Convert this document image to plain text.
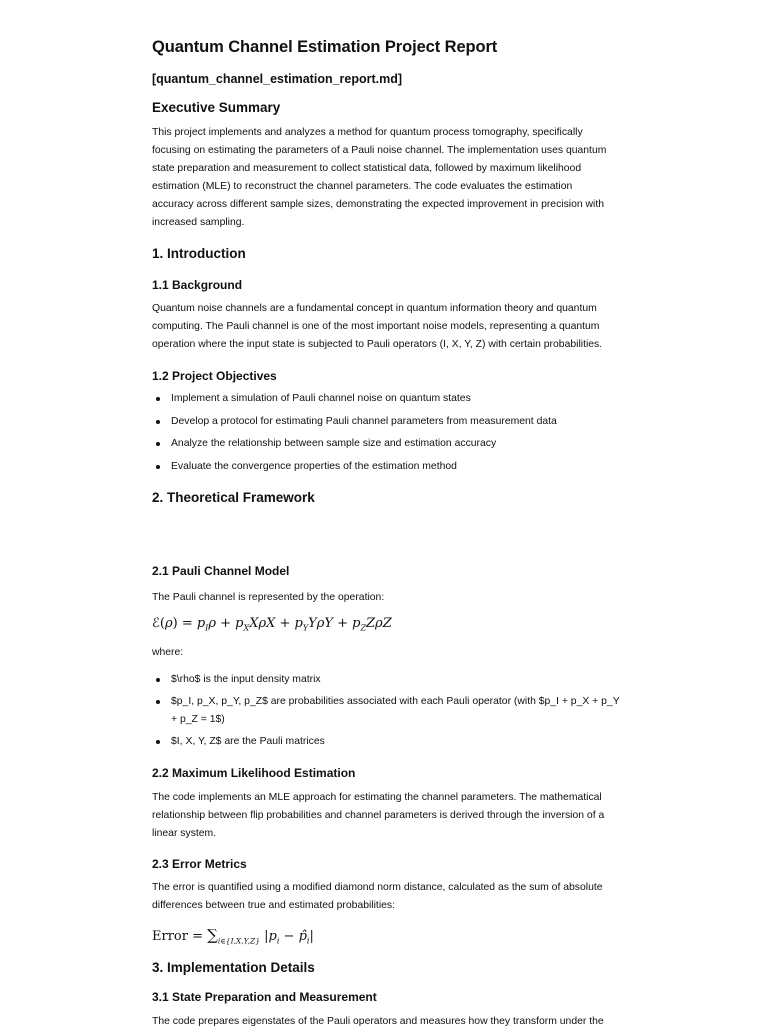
Quantum Channel Estimation Project Report
[quantum_channel_estimation_report.md]
Executive Summary
This project implements and analyzes a method for quantum process tomography, specifically
focusing on estimating the parameters of a Pauli noise channel. The implementation uses quantum
state preparation and measurement to collect statistical data, followed by maximum likelihood
estimation (MLE) to reconstruct the channel parameters. The code evaluates the estimation
accuracy across different sample sizes, demonstrating the expected improvement in precision with
increased sampling.
1. Introduction
1.1 Background
Quantum noise channels are a fundamental concept in quantum information theory and quantum
computing. The Pauli channel is one of the most important noise models, representing a quantum
operation where the input state is subjected to Pauli operators (I, X, Y, Z) with certain probabilities.
1.2 Project Objectives
Implement a simulation of Pauli channel noise on quantum states
Develop a protocol for estimating Pauli channel parameters from measurement data
Analyze the relationship between sample size and estimation accuracy
Evaluate the convergence properties of the estimation method
2. Theoretical Framework
2.1 Pauli Channel Model
The Pauli channel is represented by the operation:
ℰ(ρ) = $p_I\rho + p_XX\rho X + p_YY\rho Y + p_ZZ\rho Z$
where:
$\rho$ is the input density matrix
$p_I, p_X, p_Y, p_Z$ are probabilities associated with each Pauli operator (with $p_I + p_X + p_Y
+ p_Z = 1$)
$I, X, Y, Z$ are the Pauli matrices
2.2 Maximum Likelihood Estimation
The code implements an MLE approach for estimating the channel parameters. The mathematical
relationship between flip probabilities and channel parameters is derived through the inversion of a
linear system.
2.3 Error Metrics
The error is quantified using a modified diamond norm distance, calculated as the sum of absolute
differences between true and estimated probabilities:
Error = $\sum_{i\in\{I,X,Y,Z\}}$ $|p_i$ − $p̂_i|$
3. Implementation Details
3.1 State Preparation and Measurement
The code prepares eigenstates of the Pauli operators and measures how they transform under the
